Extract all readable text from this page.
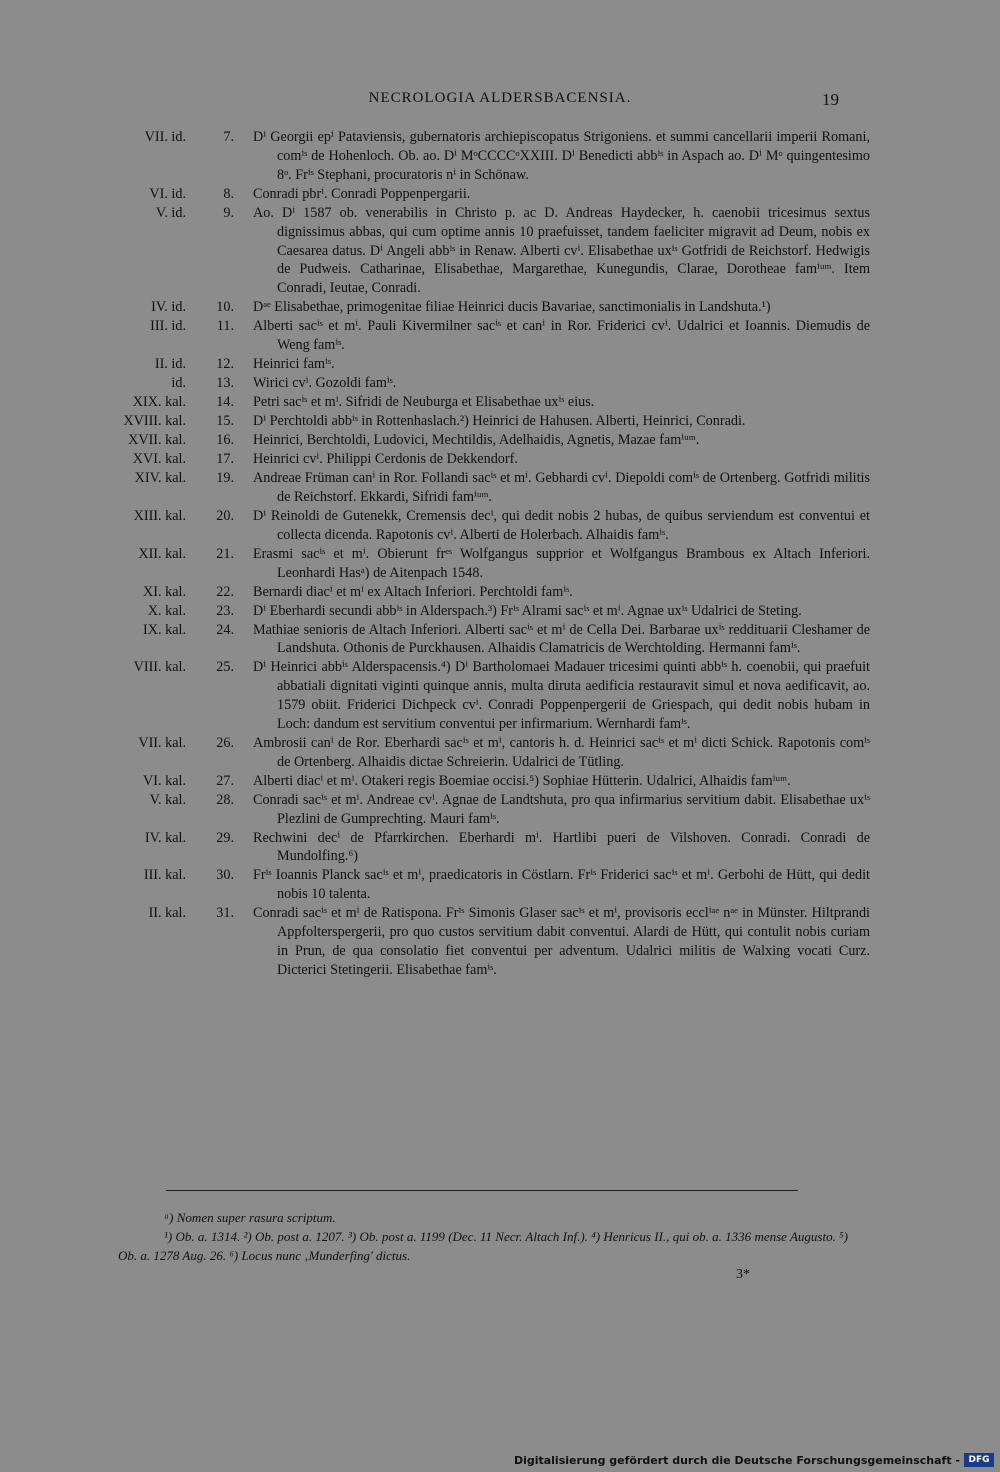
NECROLOGIA ALDERSBACENSIA.	19
VII. id.	7. Dⁱ Georgii epⁱ Pataviensis, gubernatoris archiepiscopatus Strigoniens. et summi cancellarii imperii Romani, comⁱˢ de Hohenloch. Ob. ao. Dⁱ MᵒCCCCᵒXXIII. Dⁱ Benedicti abbⁱˢ in Aspach ao. Dⁱ Mᵒ quingentesimo 8ᵒ. Frⁱˢ Stephani, procuratoris nⁱ in Schönaw.
VI. id.	8. Conradi pbrⁱ. Conradi Poppenpergarii.
V. id.	9. Ao. Dⁱ 1587 ob. venerabilis in Christo p. ac D. Andreas Haydecker, h. caenobii tricesimus sextus dignissimus abbas, qui cum optime annis 10 praefuisset, tandem faeliciter migravit ad Deum, nobis ex Caesarea datus. Dⁱ Angeli abbⁱˢ in Renaw. Alberti cvⁱ. Elisabethae uxⁱˢ Gotfridi de Reichstorf. Hedwigis de Pudweis. Catharinae, Elisabethae, Margarethae, Kunegundis, Clarae, Dorotheae famⁱᵘᵐ. Item Conradi, Ieutae, Conradi.
IV. id. 10. Dᵃᵉ Elisabethae, primogenitae filiae Heinrici ducis Bavariae, sanctimonialis in Landshuta.¹)
III. id. 11. Alberti sacⁱˢ et mⁱ. Pauli Kivermilner sacⁱˢ et canⁱ in Ror. Friderici cvⁱ. Udalrici et Ioannis. Diemudis de Weng famⁱˢ.
II. id. 12. Heinrici famⁱˢ.
id. 13. Wirici cvⁱ. Gozoldi famⁱˢ.
XIX. kal. 14. Petri sacⁱˢ et mⁱ. Sifridi de Neuburga et Elisabethae uxⁱˢ eius.
XVIII. kal. 15. Dⁱ Perchtoldi abbⁱˢ in Rottenhaslach.²) Heinrici de Hahusen. Alberti, Heinrici, Conradi.
XVII. kal. 16. Heinrici, Berchtoldi, Ludovici, Mechtildis, Adelhaidis, Agnetis, Mazae famⁱᵘᵐ.
XVI. kal. 17. Heinrici cvⁱ. Philippi Cerdonis de Dekkendorf.
XIV. kal. 19. Andreae Früman canⁱ in Ror. Follandi sacⁱˢ et mⁱ. Gebhardi cvⁱ. Diepoldi comⁱˢ de Ortenberg. Gotfridi militis de Reichstorf. Ekkardi, Sifridi famⁱᵘᵐ.
XIII. kal. 20. Dⁱ Reinoldi de Gutenekk, Cremensis decⁱ, qui dedit nobis 2 hubas, de quibus serviendum est conventui et collecta dicenda. Rapotonis cvⁱ. Alberti de Holerbach. Alhaidis famⁱˢ.
XII. kal. 21. Erasmi sacⁱˢ et mⁱ. Obierunt frᵉˢ Wolfgangus supprior et Wolfgangus Brambous ex Altach Inferiori. Leonhardi Hasᵃ) de Aitenpach 1548.
XI. kal. 22. Bernardi diacⁱ et mⁱ ex Altach Inferiori. Perchtoldi famⁱˢ.
X. kal. 23. Dⁱ Eberhardi secundi abbⁱˢ in Alderspach.³) Frⁱˢ Alrami sacⁱˢ et mⁱ. Agnae uxⁱˢ Udalrici de Steting.
IX. kal. 24. Mathiae senioris de Altach Inferiori. Alberti sacⁱˢ et mⁱ de Cella Dei. Barbarae uxⁱˢ reddituarii Cleshamer de Landshuta. Othonis de Purckhausen. Alhaidis Clamatricis de Werchtolding. Hermanni famⁱˢ.
VIII. kal. 25. Dⁱ Heinrici abbⁱˢ Alderspacensis.⁴) Dⁱ Bartholomaei Madauer tricesimi quinti abbⁱˢ h. coenobii, qui praefuit abbatiali dignitati viginti quinque annis, multa diruta aedificia restauravit simul et nova aedificavit, ao. 1579 obiit. Friderici Dichpeck cvⁱ. Conradi Poppenpergerii de Griespach, qui dedit nobis hubam in Loch: dandum est servitium conventui per infirmarium. Wernhardi famⁱˢ.
VII. kal. 26. Ambrosii canⁱ de Ror. Eberhardi sacⁱˢ et mⁱ, cantoris h. d. Heinrici sacⁱˢ et mⁱ dicti Schick. Rapotonis comⁱˢ de Ortenberg. Alhaidis dictae Schreierin. Udalrici de Tütling.
VI. kal. 27. Alberti diacⁱ et mⁱ. Otakeri regis Boemiae occisi.⁵) Sophiae Hütterin. Udalrici, Alhaidis famⁱᵘᵐ.
V. kal. 28. Conradi sacⁱˢ et mⁱ. Andreae cvⁱ. Agnae de Landtshuta, pro qua infirmarius servitium dabit. Elisabethae uxⁱˢ Plezlini de Gumprechting. Mauri famⁱˢ.
IV. kal. 29. Rechwini decⁱ de Pfarrkirchen. Eberhardi mⁱ. Hartlibi pueri de Vilshoven. Conradi. Conradi de Mundolfing.⁶)
III. kal. 30. Frⁱˢ Ioannis Planck sacⁱˢ et mⁱ, praedicatoris in Cöstlarn. Frⁱˢ Friderici sacⁱˢ et mⁱ. Gerbohi de Hütt, qui dedit nobis 10 talenta.
II. kal. 31. Conradi sacⁱˢ et mⁱ de Ratispona. Frⁱˢ Simonis Glaser sacⁱˢ et mⁱ, provisoris ecclⁱᵃᵉ nᵃᵉ in Münster. Hiltprandi Appfolterspergerii, pro quo custos servitium dabit conventui. Alardi de Hütt, qui contulit nobis curiam in Prun, de qua consolatio fiet conventui per adventum. Udalrici militis de Walxing vocati Curz. Dicterici Stetingerii. Elisabethae famⁱˢ.
ᵃ) Nomen super rasura scriptum.
¹) Ob. a. 1314. ²) Ob. post a. 1207. ³) Ob. post a. 1199 (Dec. 11 Necr. Altach Inf.). ⁴) Henricus II., qui ob. a. 1336 mense Augusto. ⁵) Ob. a. 1278 Aug. 26. ⁶) Locus nunc ‚Munderfing' dictus.
3*
Digitalisierung gefördert durch die Deutsche Forschungsgemeinschaft - DFG
